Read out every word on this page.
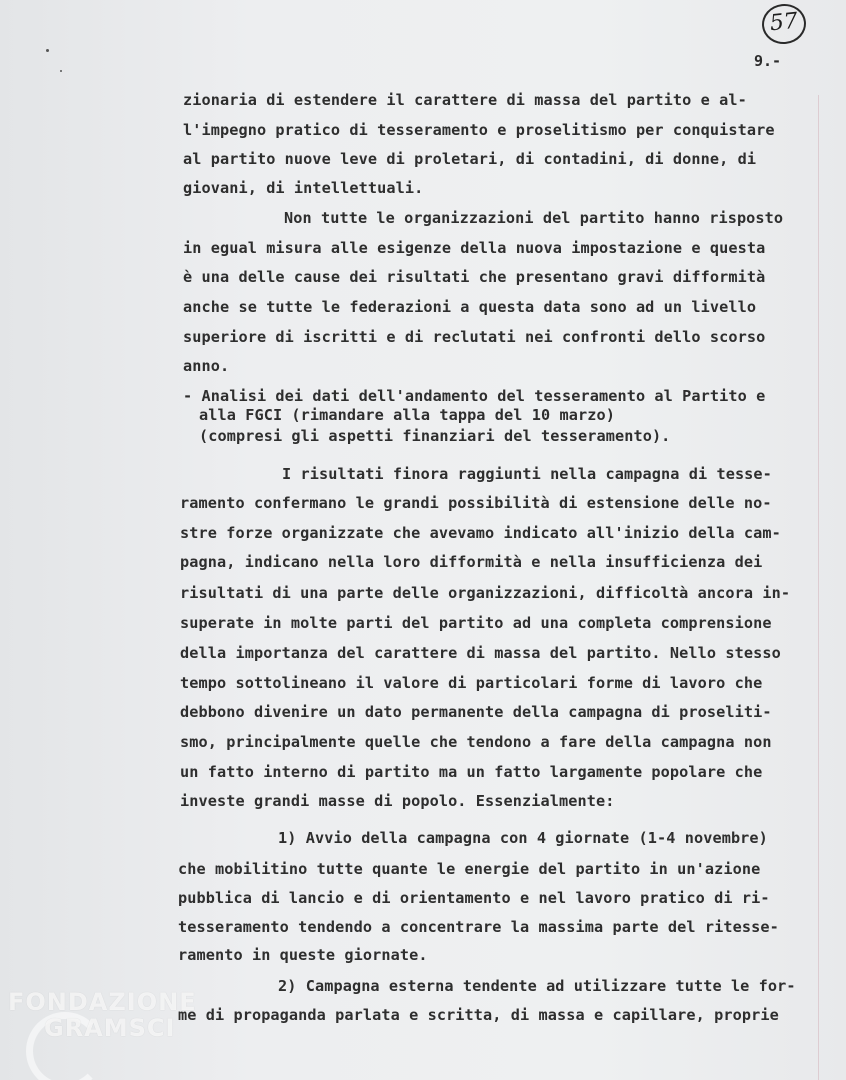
57
9.-
zionaria di estendere il carattere di massa del partito e al-
l'impegno pratico di tesseramento e proselitismo per conquistare
al partito nuove leve di proletari, di contadini, di donne, di
giovani, di intellettuali.
Non tutte le organizzazioni del partito hanno risposto
in egual misura alle esigenze della nuova impostazione e questa
è una delle cause dei risultati che presentano gravi difformità
anche se tutte le federazioni a questa data sono ad un livello
superiore di iscritti e di reclutati nei confronti dello scorso
anno.
- Analisi dei dati dell'andamento del tesseramento al Partito e
alla FGCI (rimandare alla tappa del 10 marzo)
(compresi gli aspetti finanziari del tesseramento).
I risultati finora raggiunti nella campagna di tesse-
ramento confermano le grandi possibilità di estensione delle no-
stre forze organizzate che avevamo indicato all'inizio della cam-
pagna, indicano nella loro difformità e nella insufficienza dei
risultati di una parte delle organizzazioni, difficoltà ancora in-
superate in molte parti del partito ad una completa comprensione
della importanza del carattere di massa del partito. Nello stesso
tempo sottolineano il valore di particolari forme di lavoro che
debbono divenire un dato permanente della campagna di proseliti-
smo, principalmente quelle che tendono a fare della campagna non
un fatto interno di partito ma un fatto largamente popolare che
investe grandi masse di popolo. Essenzialmente:
1) Avvio della campagna con 4 giornate (1-4 novembre)
che mobilitino tutte quante le energie del partito in un'azione
pubblica di lancio e di orientamento e nel lavoro pratico di ri-
tesseramento tendendo a concentrare la massima parte del ritesse-
ramento in queste giornate.
2) Campagna esterna tendente ad utilizzare tutte le for-
me di propaganda parlata e scritta, di massa e capillare, proprie
FONDAZIONE
GRAMSCI
